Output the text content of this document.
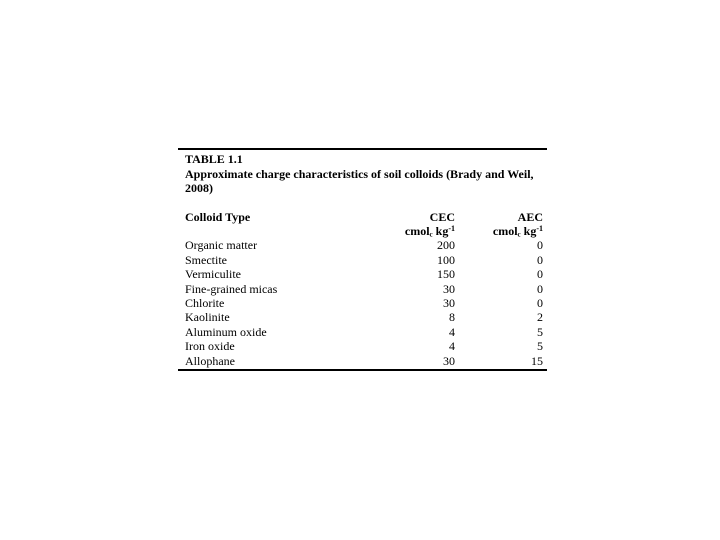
TABLE 1.1
Approximate charge characteristics of soil colloids (Brady and Weil, 2008)
Colloid Type	CEC	AEC
	cmolc $kg^{-1}$	cmolc $kg^{-1}$
Organic matter	200	0
Smectite	100	0
Vermiculite	150	0
Fine-grained micas	30	0
Chlorite	30	0
Kaolinite	8	2
Aluminum oxide	4	5
Iron oxide	4	5
Allophane	30	15
